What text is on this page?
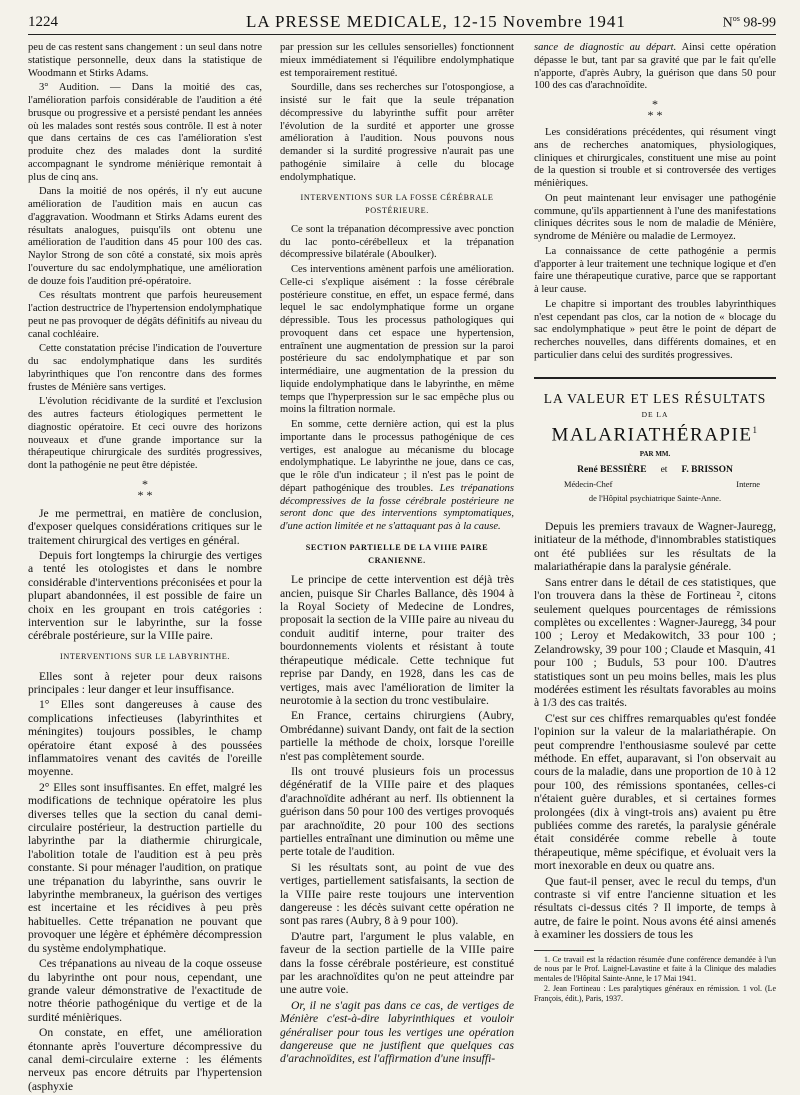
1224	LA PRESSE MEDICALE, 12-15 Novembre 1941	$N^{os}$ 98-99

peu de cas restent sans changement : un seul dans notre statistique personnelle, deux dans la statistique de Woodmann et Stirks Adams.

3° Audition. — Dans la moitié des cas, l'amélioration parfois considérable de l'audition a été brusque ou progressive et a persisté pendant les années où les malades sont restés sous contrôle. Il est à noter que dans certains de ces cas l'amélioration s'est produite chez des malades dont la surdité accompagnant le syndrome ménièrique remontait à plus de cinq ans.

Dans la moitié de nos opérés, il n'y eut aucune amélioration de l'audition mais en aucun cas d'aggravation. Woodmann et Stirks Adams eurent des résultats analogues, puisqu'ils ont obtenu une amélioration de l'audition dans 45 pour 100 des cas. Naylor Strong de son côté a constaté, six mois après l'ouverture du sac endolymphatique, une amélioration de douze fois l'audition pré-opératoire.

Ces résultats montrent que parfois heureusement l'action destructrice de l'hypertension endolymphatique peut ne pas provoquer de dégâts définitifs au niveau du canal cochléaire.

Cette constatation précise l'indication de l'ouverture du sac endolymphatique dans les surdités labyrinthiques que l'on rencontre dans des formes frustes de Ménière sans vertiges.

L'évolution récidivante de la surdité et l'exclusion des autres facteurs étiologiques permettent le diagnostic opératoire. Et ceci ouvre des horizons nouveaux et d'une grande importance sur la thérapeutique chirurgicale des surdités progressives, dont la pathogénie ne peut être dépistée.

*
* *

Je me permettrai, en matière de conclusion, d'exposer quelques considérations critiques sur le traitement chirurgical des vertiges en général.

Depuis fort longtemps la chirurgie des vertiges a tenté les otologistes et dans le nombre considérable d'interventions préconisées et pour la plupart abandonnées, il est possible de faire un choix en les groupant en trois catégories : intervention sur le labyrinthe, sur la fosse cérébrale postérieure, sur la VIIIe paire.

INTERVENTIONS SUR LE LABYRINTHE.

Elles sont à rejeter pour deux raisons principales : leur danger et leur insuffisance.

1° Elles sont dangereuses à cause des complications infectieuses (labyrinthites et méningites) toujours possibles, le champ opératoire étant exposé à des poussées inflammatoires venant des cavités de l'oreille moyenne.

2° Elles sont insuffisantes. En effet, malgré les modifications de technique opératoire les plus diverses telles que la section du canal demi-circulaire postérieur, la destruction partielle du labyrinthe par la diathermie chirurgicale, l'abolition totale de l'audition est à peu près constante. Si pour ménager l'audition, on pratique une trépanation du labyrinthe, sans ouvrir le labyrinthe membraneux, la guérison des vertiges est incertaine et les récidives à peu près habituelles. Cette trépanation ne pouvant que provoquer une légère et éphémère décompression du système endolymphatique.

Ces trépanations au niveau de la coque osseuse du labyrinthe ont pour nous, cependant, une grande valeur démonstrative de l'exactitude de notre théorie pathogénique du vertige et de la surdité ménièriques.

On constate, en effet, une amélioration étonnante après l'ouverture décompressive du canal demi-circulaire externe : les éléments nerveux pas encore détruits par l'hypertension (asphyxie

par pression sur les cellules sensorielles) fonctionnent mieux immédiatement si l'équilibre endolymphatique est temporairement restitué.

Sourdille, dans ses recherches sur l'otospongiose, a insisté sur le fait que la seule trépanation décompressive du labyrinthe suffit pour arrêter l'évolution de la surdité et apporter une grosse amélioration à l'audition. Nous pouvons nous demander si la surdité progressive n'aurait pas une pathogénie similaire à celle du blocage endolymphatique.

INTERVENTIONS SUR LA FOSSE CÉRÉBRALE POSTÉRIEURE.

Ce sont la trépanation décompressive avec ponction du lac ponto-cérébelleux et la trépanation décompressive bilatérale (Aboulker).

Ces interventions amènent parfois une amélioration. Celle-ci s'explique aisément : la fosse cérébrale postérieure constitue, en effet, un espace fermé, dans lequel le sac endolymphatique forme un organe dépressible. Tous les processus pathologiques qui provoquent dans cet espace une hypertension, entraînent une augmentation de pression sur la paroi postérieure du sac endolymphatique et par son intermédiaire, une augmentation de la pression du liquide endolymphatique dans le labyrinthe, en même temps que l'hyperpression sur le sac empêche plus ou moins la filtration normale.

En somme, cette dernière action, qui est la plus importante dans le processus pathogénique de ces vertiges, est analogue au mécanisme du blocage endolymphatique. Le labyrinthe ne joue, dans ce cas, que le rôle d'un indicateur ; il n'est pas le point de départ pathogénique des troubles. Les trépanations décompressives de la fosse cérébrale postérieure ne seront donc que des interventions symptomatiques, d'une action limitée et ne s'attaquant pas à la cause.

SECTION PARTIELLE DE LA VIIIE PAIRE CRANIENNE.

Le principe de cette intervention est déjà très ancien, puisque Sir Charles Ballance, dès 1904 à la Royal Society of Medecine de Londres, proposait la section de la VIIIe paire au niveau du conduit auditif interne, pour traiter des bourdonnements violents et résistant à toute thérapeutique médicale. Cette technique fut reprise par Dandy, en 1928, dans les cas de vertiges, mais avec l'amélioration de limiter la neurotomie à la section du tronc vestibulaire.

En France, certains chirurgiens (Aubry, Ombrédanne) suivant Dandy, ont fait de la section partielle la méthode de choix, lorsque l'oreille n'est pas complètement sourde.

Ils ont trouvé plusieurs fois un processus dégénératif de la VIIIe paire et des plaques d'arachnoïdite adhérant au nerf. Ils obtiennent la guérison dans 50 pour 100 des vertiges provoqués par arachnoïdite, 20 pour 100 des sections partielles entraînant une diminution ou même une perte totale de l'audition.

Si les résultats sont, au point de vue des vertiges, partiellement satisfaisants, la section de la VIIIe paire reste toujours une intervention dangereuse : les décès suivant cette opération ne sont pas rares (Aubry, 8 à 9 pour 100).

D'autre part, l'argument le plus valable, en faveur de la section partielle de la VIIIe paire dans la fosse cérébrale postérieure, est constitué par les arachnoïdites qu'on ne peut atteindre par une autre voie.

Or, il ne s'agit pas dans ce cas, de vertiges de Ménière c'est-à-dire labyrinthiques et vouloir généraliser pour tous les vertiges une opération dangereuse que ne justifient que quelques cas d'arachnoïdites, est l'affirmation d'une insuffi-

sance de diagnostic au départ. Ainsi cette opération dépasse le but, tant par sa gravité que par le fait qu'elle n'apporte, d'après Aubry, la guérison que dans 50 pour 100 des cas d'arachnoïdite.

*
* *

Les considérations précédentes, qui résument vingt ans de recherches anatomiques, physiologiques, cliniques et chirurgicales, constituent une mise au point de la question si trouble et si controversée des vertiges ménièriques.

On peut maintenant leur envisager une pathogénie commune, qu'ils appartiennent à l'une des manifestations cliniques décrites sous le nom de maladie de Ménière, syndrome de Ménière ou maladie de Lermoyez.

La connaissance de cette pathogénie a permis d'apporter à leur traitement une technique logique et d'en faire une thérapeutique curative, parce que se rapportant à leur cause.

Le chapitre si important des troubles labyrinthiques n'est cependant pas clos, car la notion de « blocage du sac endolymphatique » peut être le point de départ de recherches nouvelles, dans différents domaines, et en particulier dans celui des surdités progressives.

LA VALEUR ET LES RÉSULTATS
DE LA
MALARIATHÉRAPIE$^1$
PAR MM.
René BESSIÈRE et F. BRISSON
Médecin-Chef	Interne
de l'Hôpital psychiatrique Sainte-Anne.

Depuis les premiers travaux de Wagner-Jauregg, initiateur de la méthode, d'innombrables statistiques ont été publiées sur les résultats de la malariathérapie dans la paralysie générale.

Sans entrer dans le détail de ces statistiques, que l'on trouvera dans la thèse de Fortineau ², citons seulement quelques pourcentages de rémissions complètes ou excellentes : Wagner-Jauregg, 34 pour 100 ; Leroy et Medakowitch, 33 pour 100 ; Zelandrowsky, 39 pour 100 ; Claude et Masquin, 41 pour 100 ; Buduls, 53 pour 100. D'autres statistiques sont un peu moins belles, mais les plus modérées estiment les résultats favorables au moins à 1/3 des cas traités.

C'est sur ces chiffres remarquables qu'est fondée l'opinion sur la valeur de la malariathérapie. On peut comprendre l'enthousiasme soulevé par cette méthode. En effet, auparavant, si l'on observait au cours de la maladie, dans une proportion de 10 à 12 pour 100, des rémissions spontanées, celles-ci n'étaient guère durables, et si certaines formes prolongées (dix à vingt-trois ans) avaient pu être publiées comme des raretés, la paralysie générale était considérée comme rebelle à toute thérapeutique, même spécifique, et évoluait vers la mort inexorable en deux ou quatre ans.

Que faut-il penser, avec le recul du temps, d'un contraste si vif entre l'ancienne situation et les résultats ci-dessus cités ? Il importe, de temps à autre, de faire le point. Nous avons été ainsi amenés à examiner les dossiers de tous les

1. Ce travail est la rédaction résumée d'une conférence demandée à l'un de nous par le Prof. Laignel-Lavastine et faite à la Clinique des maladies mentales de l'Hôpital Sainte-Anne, le 17 Mai 1941.

2. Jean Fortineau : Les paralytiques généraux en rémission. 1 vol. (Le François, édit.), Paris, 1937.
